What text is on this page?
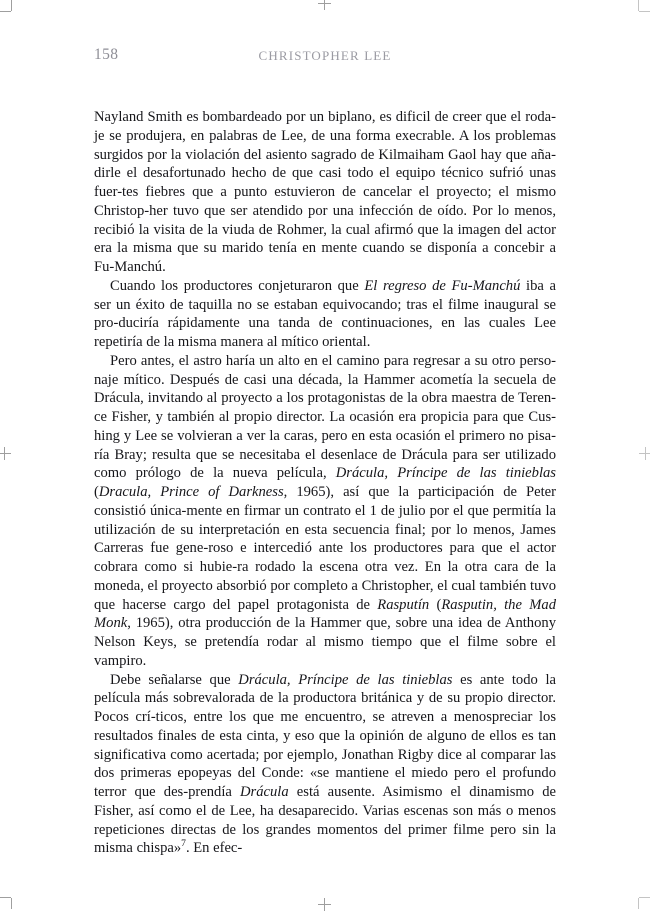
158	CHRISTOPHER LEE

Nayland Smith es bombardeado por un biplano, es dificil de creer que el roda-je se produjera, en palabras de Lee, de una forma execrable. A los problemas surgidos por la violación del asiento sagrado de Kilmaiham Gaol hay que aña-dirle el desafortunado hecho de que casi todo el equipo técnico sufrió unas fuer-tes fiebres que a punto estuvieron de cancelar el proyecto; el mismo Christop-her tuvo que ser atendido por una infección de oído. Por lo menos, recibió la visita de la viuda de Rohmer, la cual afirmó que la imagen del actor era la misma que su marido tenía en mente cuando se disponía a concebir a Fu-Manchú.

Cuando los productores conjeturaron que El regreso de Fu-Manchú iba a ser un éxito de taquilla no se estaban equivocando; tras el filme inaugural se pro-duciría rápidamente una tanda de continuaciones, en las cuales Lee repetiría de la misma manera al mítico oriental.

Pero antes, el astro haría un alto en el camino para regresar a su otro perso-naje mítico. Después de casi una década, la Hammer acometía la secuela de Drácula, invitando al proyecto a los protagonistas de la obra maestra de Teren-ce Fisher, y también al propio director. La ocasión era propicia para que Cus-hing y Lee se volvieran a ver la caras, pero en esta ocasión el primero no pisa-ría Bray; resulta que se necesitaba el desenlace de Drácula para ser utilizado como prólogo de la nueva película, Drácula, Príncipe de las tinieblas (Dracula, Prince of Darkness, 1965), así que la participación de Peter consistió única-mente en firmar un contrato el 1 de julio por el que permitía la utilización de su interpretación en esta secuencia final; por lo menos, James Carreras fue gene-roso e intercedió ante los productores para que el actor cobrara como si hubie-ra rodado la escena otra vez. En la otra cara de la moneda, el proyecto absorbió por completo a Christopher, el cual también tuvo que hacerse cargo del papel protagonista de Rasputín (Rasputin, the Mad Monk, 1965), otra producción de la Hammer que, sobre una idea de Anthony Nelson Keys, se pretendía rodar al mismo tiempo que el filme sobre el vampiro.

Debe señalarse que Drácula, Príncipe de las tinieblas es ante todo la película más sobrevalorada de la productora británica y de su propio director. Pocos crí-ticos, entre los que me encuentro, se atreven a menospreciar los resultados finales de esta cinta, y eso que la opinión de alguno de ellos es tan significativa como acertada; por ejemplo, Jonathan Rigby dice al comparar las dos primeras epopeyas del Conde: «se mantiene el miedo pero el profundo terror que des-prendía Drácula está ausente. Asimismo el dinamismo de Fisher, así como el de Lee, ha desaparecido. Varias escenas son más o menos repeticiones directas de los grandes momentos del primer filme pero sin la misma chispa»$^7$. En efec-
